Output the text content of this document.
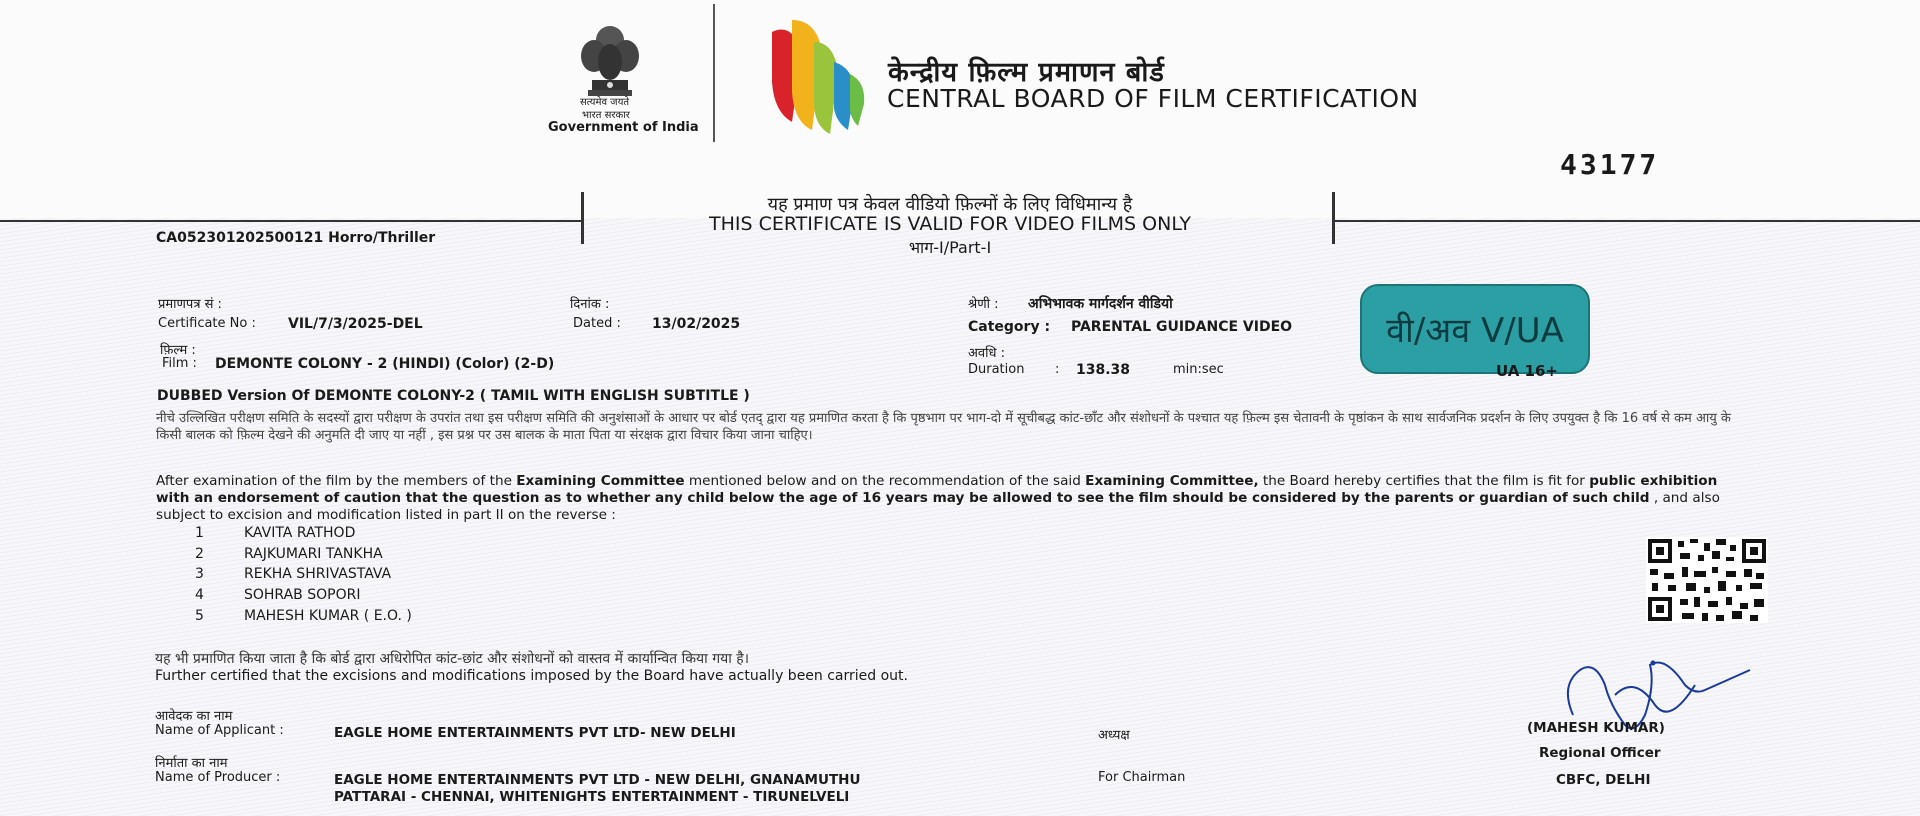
सत्यमेव जयते
भारत सरकार
Government of India
केन्द्रीय फ़िल्म प्रमाणन बोर्ड
CENTRAL BOARD OF FILM CERTIFICATION
43177
यह प्रमाण पत्र केवल वीडियो फ़िल्मों के लिए विधिमान्य है
THIS CERTIFICATE IS VALID FOR VIDEO FILMS ONLY
भाग-I/Part-I
CA052301202500121 Horro/Thriller
प्रमाणपत्र सं :
Certificate No : VIL/7/3/2025-DEL
दिनांक :
Dated : 13/02/2025
श्रेणी : अभिभावक मार्गदर्शन वीडियो
Category : PARENTAL GUIDANCE VIDEO	वी/अव V/UA
UA 16+
फ़िल्म :
Film : DEMONTE COLONY - 2 (HINDI) (Color) (2-D)
अवधि :
Duration : 138.38	min:sec
DUBBED Version Of DEMONTE COLONY-2 ( TAMIL WITH ENGLISH SUBTITLE )
नीचे उल्लिखित परीक्षण समिति के सदस्यों द्वारा परीक्षण के उपरांत तथा इस परीक्षण समिति की अनुशंसाओं के आधार पर बोर्ड एतद् द्वारा यह प्रमाणित करता है कि पृष्ठभाग पर भाग-दो में सूचीबद्ध कांट-छाँट और संशोधनों के पश्चात यह फ़िल्म इस चेतावनी के पृष्ठांकन के साथ सार्वजनिक प्रदर्शन के लिए उपयुक्त है कि 16 वर्ष से कम आयु के किसी बालक को फ़िल्म देखने की अनुमति दी जाए या नहीं , इस प्रश्न पर उस बालक के माता पिता या संरक्षक द्वारा विचार किया जाना चाहिए।
After examination of the film by the members of the Examining Committee mentioned below and on the recommendation of the said Examining Committee, the Board hereby certifies that the film is fit for public exhibition with an endorsement of caution that the question as to whether any child below the age of 16 years may be allowed to see the film should be considered by the parents or guardian of such child , and also subject to excision and modification listed in part II on the reverse :
1	KAVITA RATHOD
2	RAJKUMARI TANKHA
3	REKHA SHRIVASTAVA
4	SOHRAB SOPORI
5	MAHESH KUMAR ( E.O. )
यह भी प्रमाणित किया जाता है कि बोर्ड द्वारा अधिरोपित कांट-छांट और संशोधनों को वास्तव में कार्यान्वित किया गया है।
Further certified that the excisions and modifications imposed by the Board have actually been carried out.
आवेदक का नाम
Name of Applicant :	EAGLE HOME ENTERTAINMENTS PVT LTD- NEW DELHI
निर्माता का नाम
Name of Producer :	EAGLE HOME ENTERTAINMENTS PVT LTD - NEW DELHI, GNANAMUTHU
PATTARAI - CHENNAI, WHITENIGHTS ENTERTAINMENT - TIRUNELVELI
अध्यक्ष
For Chairman
(MAHESH KUMAR)
Regional Officer
CBFC, DELHI
